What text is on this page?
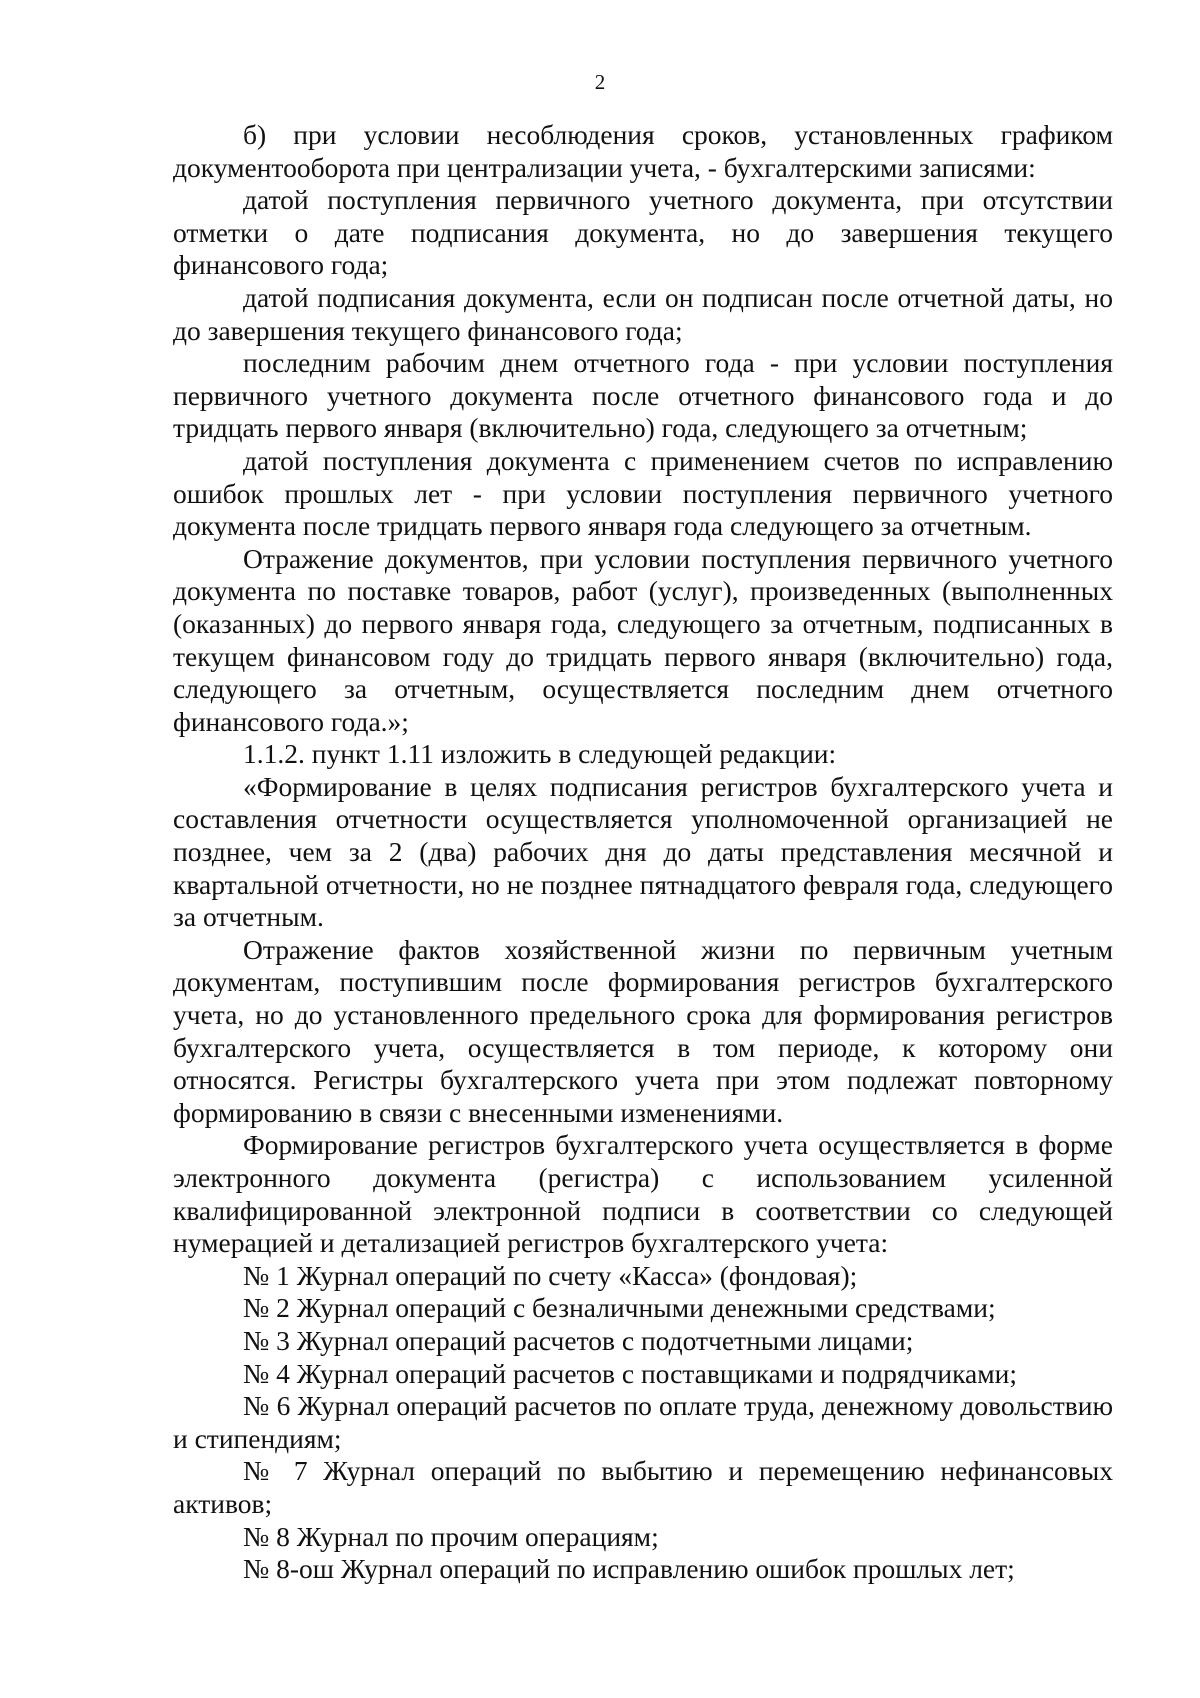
2

б) при условии несоблюдения сроков, установленных графиком документооборота при централизации учета, - бухгалтерскими записями:

датой поступления первичного учетного документа, при отсутствии отметки о дате подписания документа, но до завершения текущего финансового года;

датой подписания документа, если он подписан после отчетной даты, но до завершения текущего финансового года;

последним рабочим днем отчетного года - при условии поступления первичного учетного документа после отчетного финансового года и до тридцать первого января (включительно) года, следующего за отчетным;

датой поступления документа с применением счетов по исправлению ошибок прошлых лет - при условии поступления первичного учетного документа после тридцать первого января года следующего за отчетным.

Отражение документов, при условии поступления первичного учетного документа по поставке товаров, работ (услуг), произведенных (выполненных (оказанных) до первого января года, следующего за отчетным, подписанных в текущем финансовом году до тридцать первого января (включительно) года, следующего за отчетным, осуществляется последним днем отчетного финансового года.»;

1.1.2. пункт 1.11 изложить в следующей редакции:

«Формирование в целях подписания регистров бухгалтерского учета и составления отчетности осуществляется уполномоченной организацией не позднее, чем за 2 (два) рабочих дня до даты представления месячной и квартальной отчетности, но не позднее пятнадцатого февраля года, следующего за отчетным.

Отражение фактов хозяйственной жизни по первичным учетным документам, поступившим после формирования регистров бухгалтерского учета, но до установленного предельного срока для формирования регистров бухгалтерского учета, осуществляется в том периоде, к которому они относятся. Регистры бухгалтерского учета при этом подлежат повторному формированию в связи с внесенными изменениями.

Формирование регистров бухгалтерского учета осуществляется в форме электронного документа (регистра) с использованием усиленной квалифицированной электронной подписи в соответствии со следующей нумерацией и детализацией регистров бухгалтерского учета:

№ 1 Журнал операций по счету «Касса» (фондовая);

№ 2 Журнал операций с безналичными денежными средствами;

№ 3 Журнал операций расчетов с подотчетными лицами;

№ 4 Журнал операций расчетов с поставщиками и подрядчиками;

№ 6 Журнал операций расчетов по оплате труда, денежному довольствию и стипендиям;

№ 7 Журнал операций по выбытию и перемещению нефинансовых активов;

№ 8 Журнал по прочим операциям;

№ 8-ош Журнал операций по исправлению ошибок прошлых лет;
